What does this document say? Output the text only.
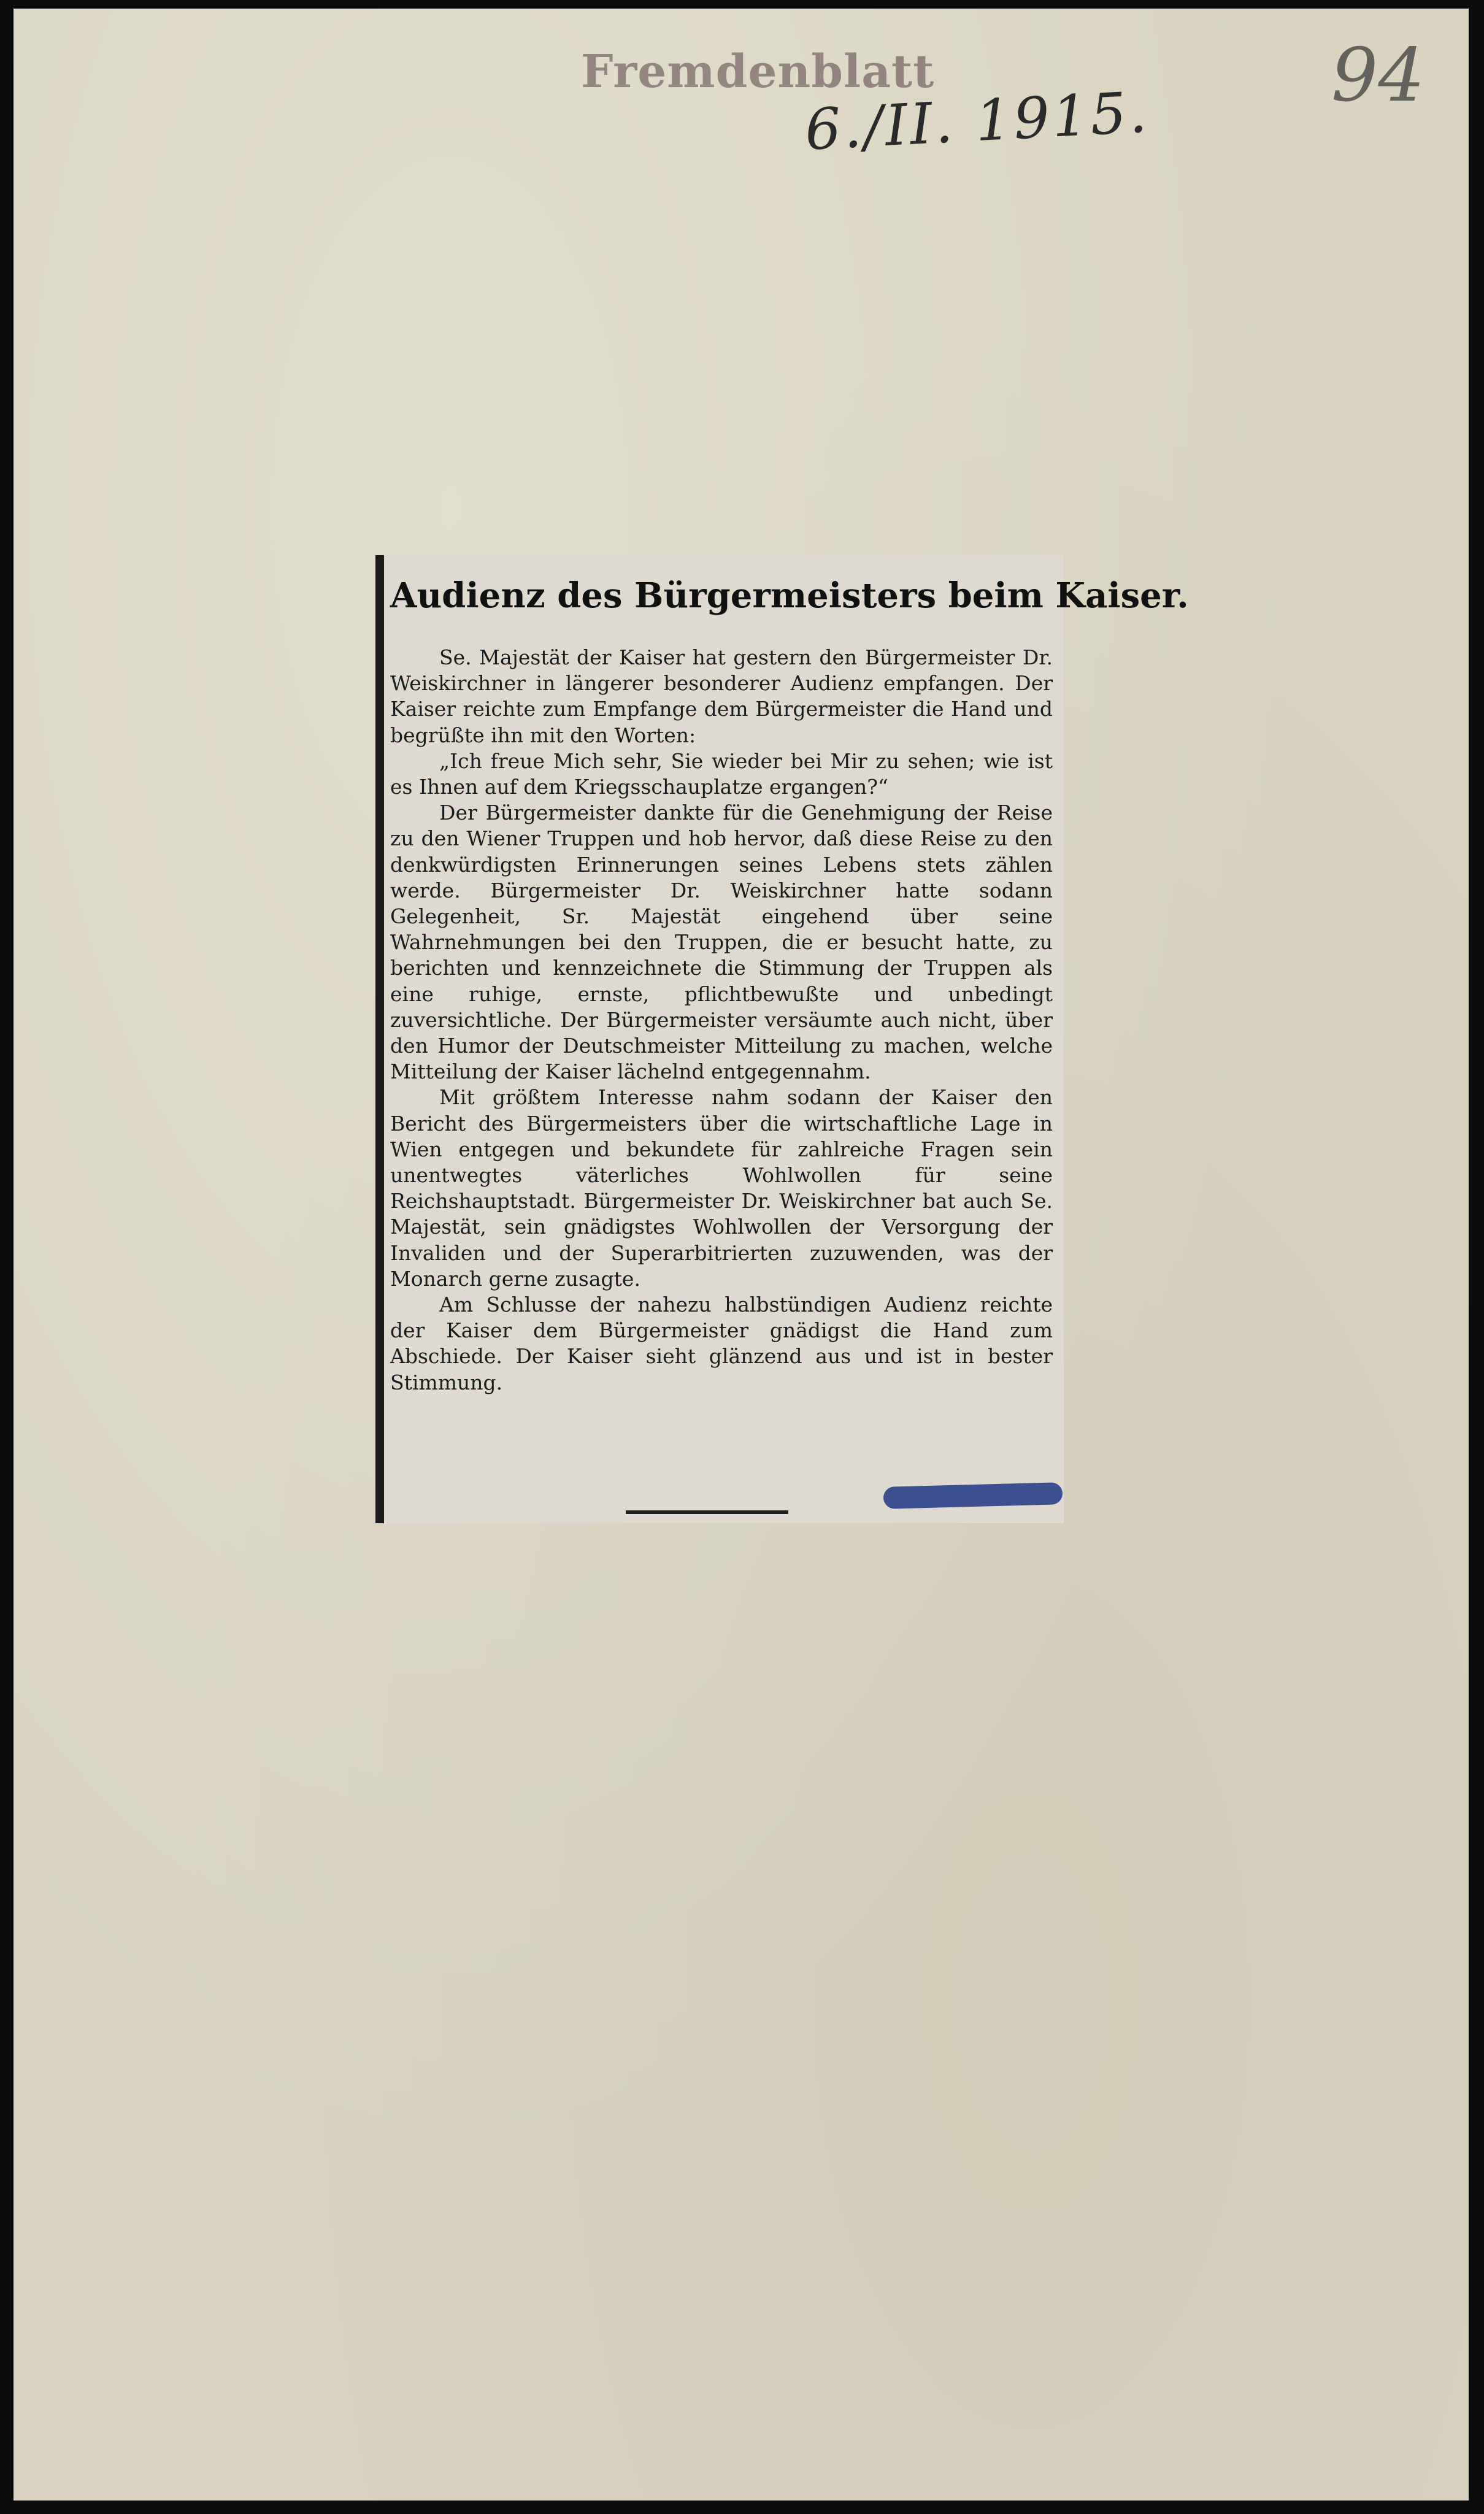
Fremdenblatt
6./II. 1915.
94
Audienz des Bürgermeisters beim Kaiser.

Se. Majestät der Kaiser hat gestern den Bürgermeister Dr. Weiskirchner in längerer besonderer Audienz empfangen. Der Kaiser reichte zum Empfange dem Bürgermeister die Hand und begrüßte ihn mit den Worten:

„Ich freue Mich sehr, Sie wieder bei Mir zu sehen; wie ist es Ihnen auf dem Kriegsschauplatze ergangen?“

Der Bürgermeister dankte für die Genehmigung der Reise zu den Wiener Truppen und hob hervor, daß diese Reise zu den denkwürdigsten Erinnerungen seines Lebens stets zählen werde. Bürgermeister Dr. Weiskirchner hatte sodann Gelegenheit, Sr. Majestät eingehend über seine Wahrnehmungen bei den Truppen, die er besucht hatte, zu berichten und kennzeichnete die Stimmung der Truppen als eine ruhige, ernste, pflichtbewußte und unbedingt zuversichtliche. Der Bürgermeister versäumte auch nicht, über den Humor der Deutschmeister Mitteilung zu machen, welche Mitteilung der Kaiser lächelnd entgegennahm.

Mit größtem Interesse nahm sodann der Kaiser den Bericht des Bürgermeisters über die wirtschaftliche Lage in Wien entgegen und bekundete für zahlreiche Fragen sein unentwegtes väterliches Wohlwollen für seine Reichshauptstadt. Bürgermeister Dr. Weiskirchner bat auch Se. Majestät, sein gnädigstes Wohlwollen der Versorgung der Invaliden und der Superarbitrierten zuzuwenden, was der Monarch gerne zusagte.

Am Schlusse der nahezu halbstündigen Audienz reichte der Kaiser dem Bürgermeister gnädigst die Hand zum Abschiede. Der Kaiser sieht glänzend aus und ist in bester Stimmung.
